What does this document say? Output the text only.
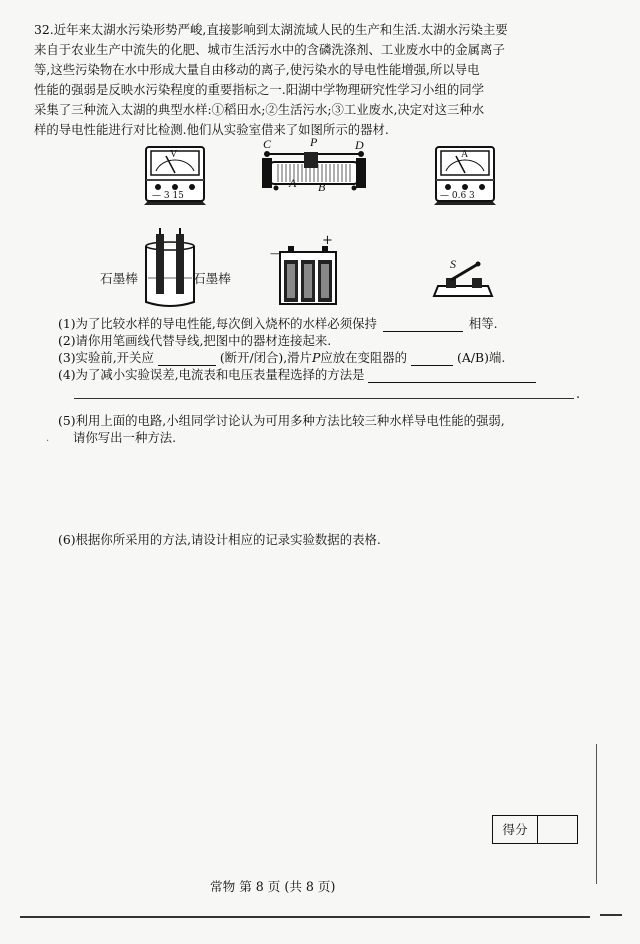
32.近年来太湖水污染形势严峻,直接影响到太湖流域人民的生产和生活.太湖水污染主要
来自于农业生产中流失的化肥、城市生活污水中的含磷洗涤剂、工业废水中的金属离子
等,这些污染物在水中形成大量自由移动的离子,使污染水的导电性能增强,所以导电
性能的强弱是反映水污染程度的重要指标之一.阳湖中学物理研究性学习小组的同学
采集了三种流入太湖的典型水样:①稻田水;②生活污水;③工业废水,决定对这三种水
样的导电性能进行对比检测.他们从实验室借来了如图所示的器材.
V
— 3 15
C	P	D
A B
A
— 0.6 3
石墨棒	石墨棒
—
+
S
(1)为了比较水样的导电性能,每次倒入烧杯的水样必须保持	相等.
(2)请你用笔画线代替导线,把图中的器材连接起来.
(3)实验前,开关应	(断开/闭合),滑片P应放在变阻器的	(A/B)端.
(4)为了减小实验误差,电流表和电压表量程选择的方法是
.
(5)利用上面的电路,小组同学讨论认为可用多种方法比较三种水样导电性能的强弱,
请你写出一种方法.
·
(6)根据你所采用的方法,请设计相应的记录实验数据的表格.
得分
常物 第 8 页 (共 8 页)
